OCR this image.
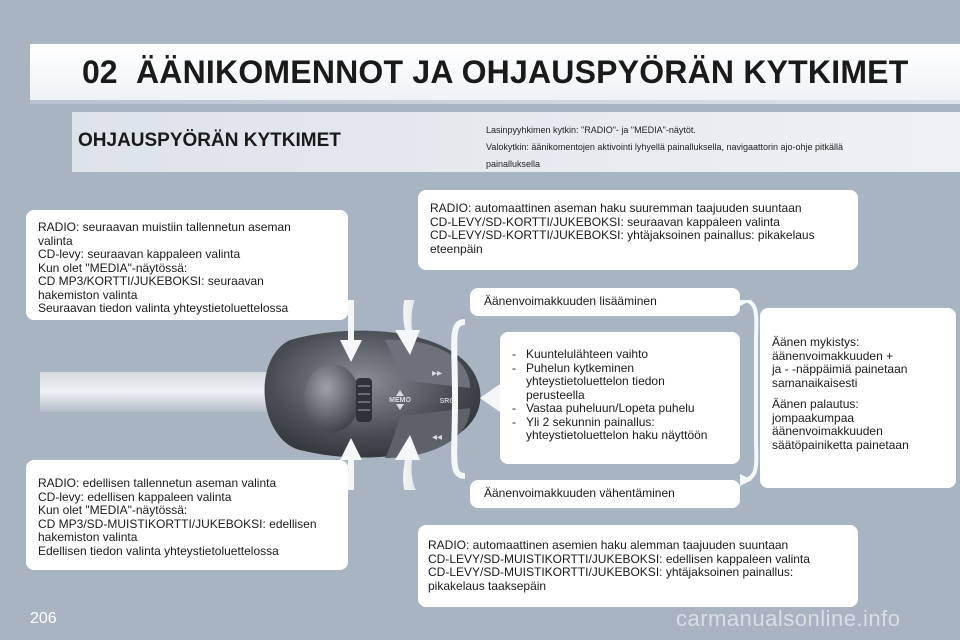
02 ÄÄNIKOMENNOT JA OHJAUSPYÖRÄN KYTKIMET
OHJAUSPYÖRÄN KYTKIMET	Lasinpyyhkimen kytkin: "RADIO"- ja "MEDIA"-näytöt.
Valokytkin: äänikomentojen aktivointi lyhyellä painalluksella, navigaattorin ajo-ohje pitkällä
painalluksella
MEMO	SRC
▸▸
◂◂
RADIO: seuraavan muistiin tallennetun aseman
valinta
CD-levy: seuraavan kappaleen valinta
Kun olet "MEDIA"-näytössä:
CD MP3/KORTTI/JUKEBOKSI: seuraavan
hakemiston valinta
Seuraavan tiedon valinta yhteystietoluettelossa
RADIO: edellisen tallennetun aseman valinta
CD-levy: edellisen kappaleen valinta
Kun olet "MEDIA"-näytössä:
CD MP3/SD-MUISTIKORTTI/JUKEBOKSI: edellisen
hakemiston valinta
Edellisen tiedon valinta yhteystietoluettelossa
RADIO: automaattinen aseman haku suuremman taajuuden suuntaan
CD-LEVY/SD-KORTTI/JUKEBOKSI: seuraavan kappaleen valinta
CD-LEVY/SD-KORTTI/JUKEBOKSI: yhtäjaksoinen painallus: pikakelaus
eteenpäin
RADIO: automaattinen asemien haku alemman taajuuden suuntaan
CD-LEVY/SD-MUISTIKORTTI/JUKEBOKSI: edellisen kappaleen valinta
CD-LEVY/SD-MUISTIKORTTI/JUKEBOKSI: yhtäjaksoinen painallus:
pikakelaus taaksepäin
Äänenvoimakkuuden lisääminen
Äänenvoimakkuuden vähentäminen
- Kuuntelulähteen vaihto
- Puhelun kytkeminen
yhteystietoluettelon tiedon
perusteella
- Vastaa puheluun/Lopeta puhelu
- Yli 2 sekunnin painallus:
yhteystietoluettelon haku näyttöön
Äänen mykistys:
äänenvoimakkuuden +
ja - -näppäimiä painetaan
samanaikaisesti
Äänen palautus:
jompaakumpaa
äänenvoimakkuuden
säätöpainiketta painetaan
206	carmanualsonline.info
